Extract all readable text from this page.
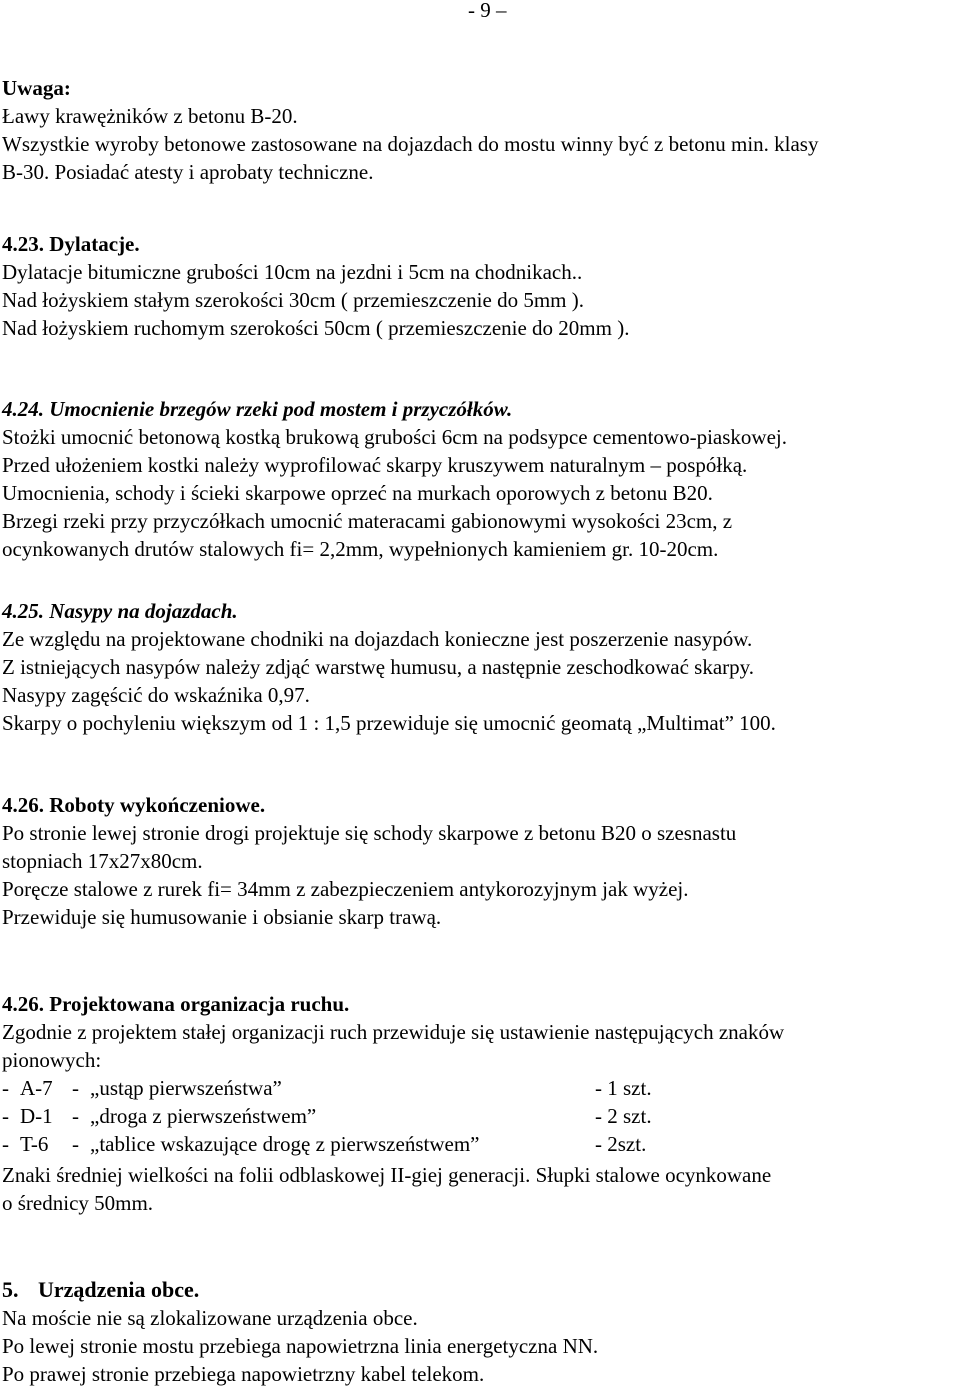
- 9 –
Uwaga:
Ławy krawężników z betonu B-20.
Wszystkie wyroby betonowe zastosowane na dojazdach do mostu winny być z betonu min. klasy
B-30. Posiadać atesty i aprobaty techniczne.
4.23. Dylatacje.
Dylatacje bitumiczne grubości 10cm na jezdni i 5cm na chodnikach..
Nad łożyskiem stałym szerokości 30cm ( przemieszczenie do 5mm ).
Nad łożyskiem ruchomym szerokości 50cm ( przemieszczenie do 20mm ).
4.24. Umocnienie brzegów rzeki pod mostem i przyczółków.
Stożki umocnić betonową kostką brukową grubości 6cm na podsypce cementowo-piaskowej.
Przed ułożeniem kostki należy wyprofilować skarpy kruszywem naturalnym – pospółką.
Umocnienia, schody i ścieki skarpowe oprzeć na murkach oporowych z betonu B20.
Brzegi rzeki przy przyczółkach umocnić materacami gabionowymi wysokości 23cm, z
ocynkowanych drutów stalowych fi= 2,2mm, wypełnionych kamieniem gr. 10-20cm.
4.25. Nasypy na dojazdach.
Ze względu na projektowane chodniki na dojazdach konieczne jest poszerzenie nasypów.
Z istniejących nasypów należy zdjąć warstwę humusu, a następnie zeschodkować skarpy.
Nasypy zagęścić do wskaźnika 0,97.
Skarpy o pochyleniu większym od 1 : 1,5 przewiduje się umocnić geomatą „Multimat” 100.
4.26. Roboty wykończeniowe.
Po stronie lewej stronie drogi projektuje się schody skarpowe z betonu B20 o szesnastu
stopniach 17x27x80cm.
Poręcze stalowe z rurek fi= 34mm z zabezpieczeniem antykorozyjnym jak wyżej.
Przewiduje się humusowanie i obsianie skarp trawą.
4.26. Projektowana organizacja ruchu.
Zgodnie z projektem stałej organizacji ruch przewiduje się ustawienie następujących znaków
pionowych:
- A-7 - „ustąp pierwszeństwa”	- 1 szt.
- D-1 - „droga z pierwszeństwem”	- 2 szt.
- T-6 - „tablice wskazujące drogę z pierwszeństwem”	- 2szt.
Znaki średniej wielkości na folii odblaskowej II-giej generacji. Słupki stalowe ocynkowane
o średnicy 50mm.
5. Urządzenia obce.
Na moście nie są zlokalizowane urządzenia obce.
Po lewej stronie mostu przebiega napowietrzna linia energetyczna NN.
Po prawej stronie przebiega napowietrzny kabel telekom.
